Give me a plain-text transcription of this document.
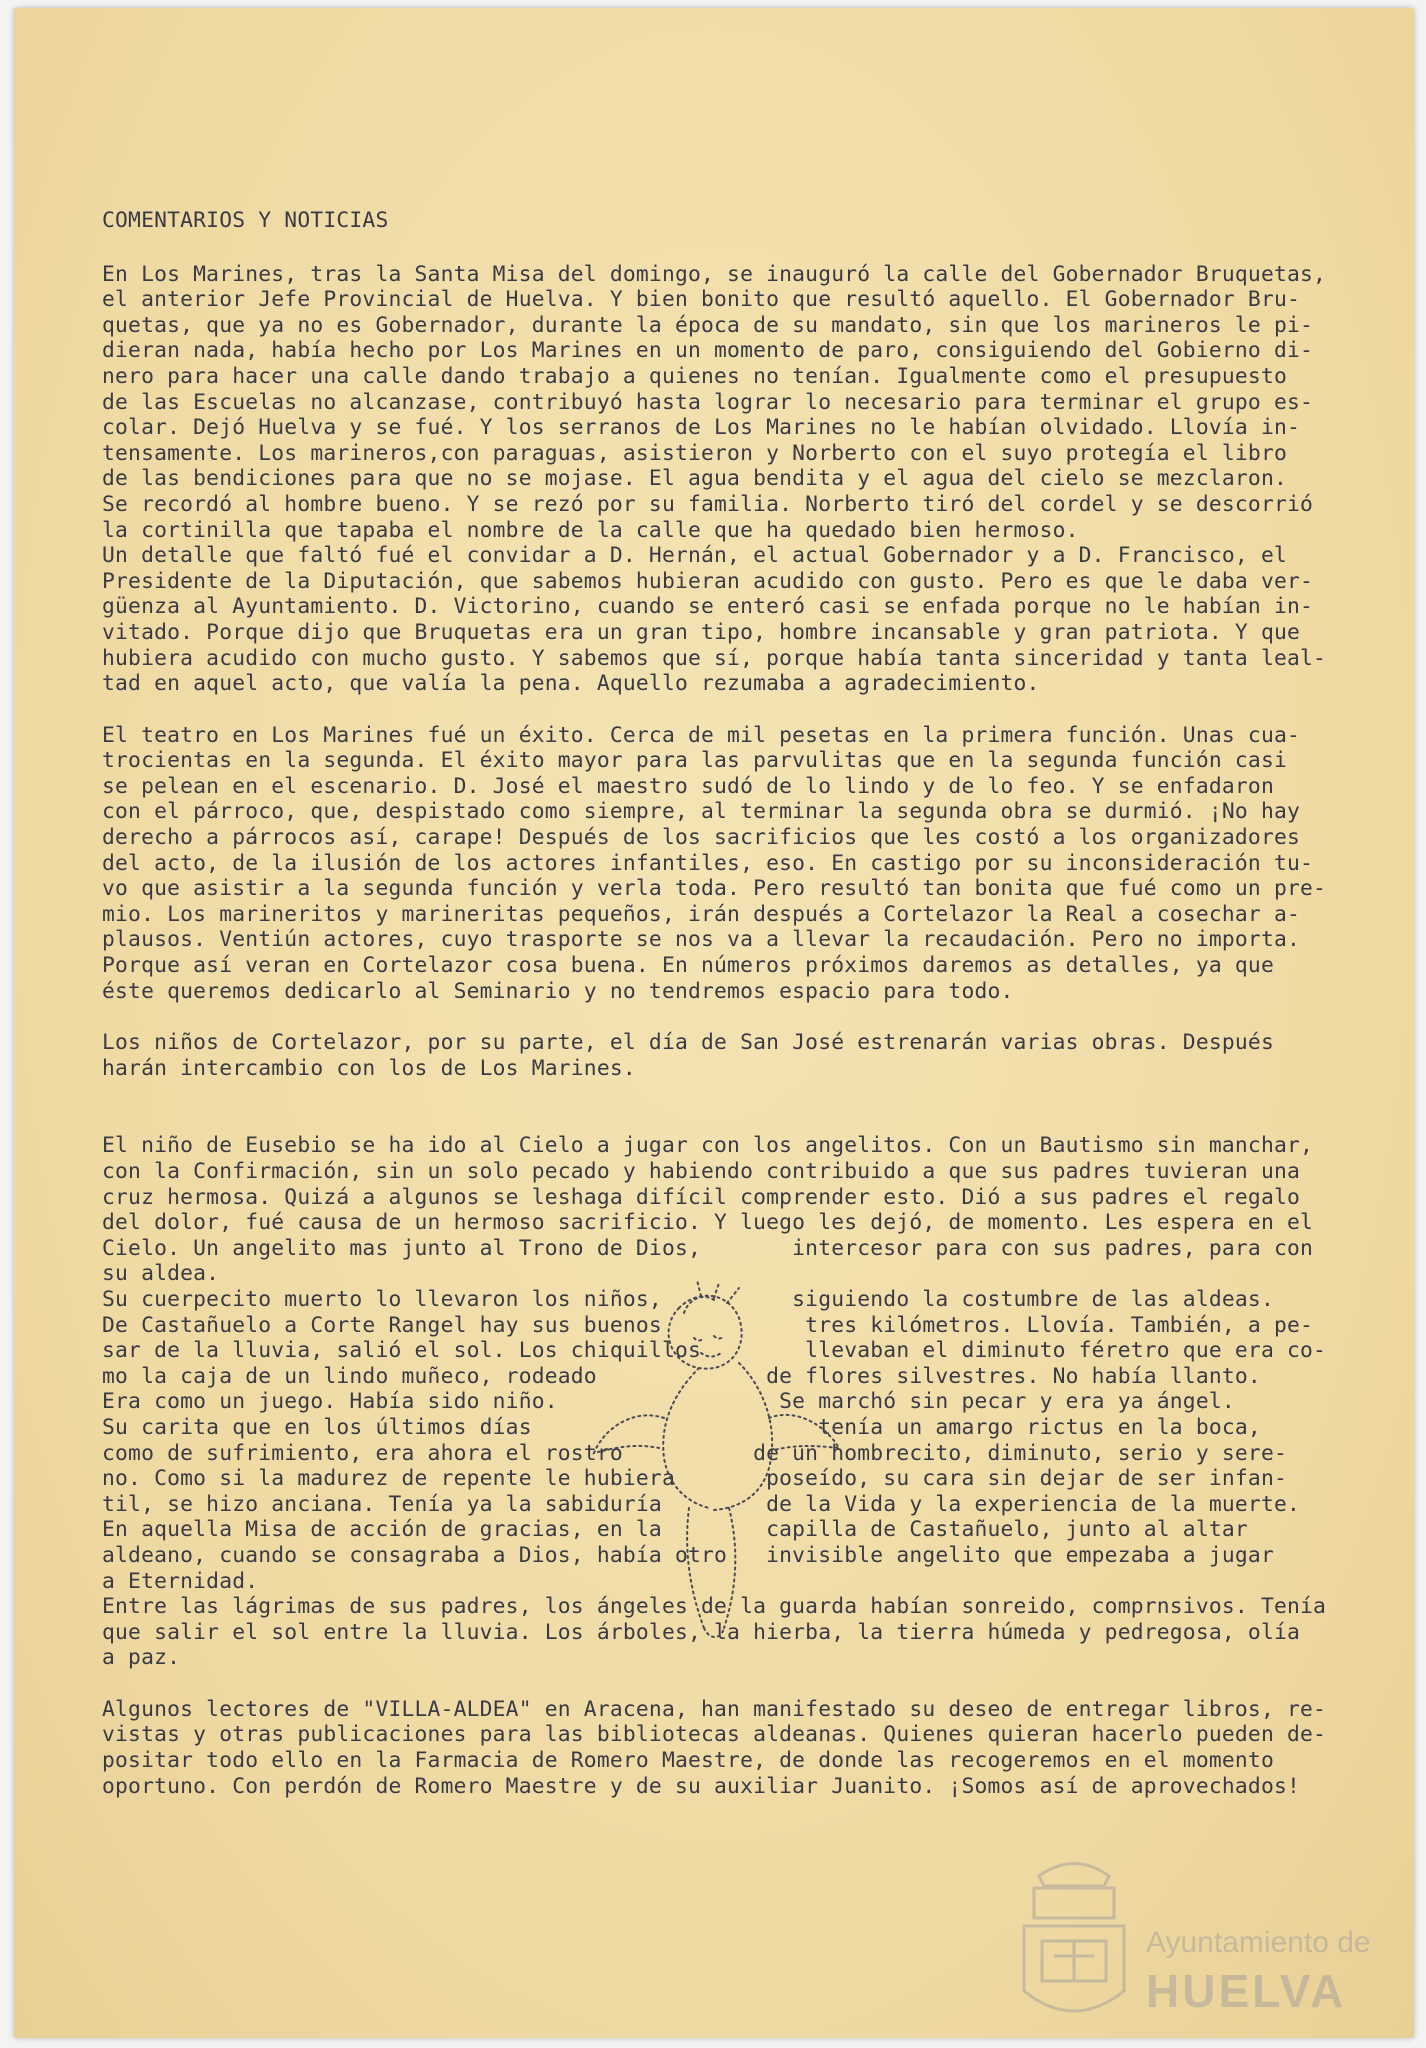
COMENTARIOS Y NOTICIAS
En Los Marines, tras la Santa Misa del domingo, se inauguró la calle del Gobernador Bruquetas,
el anterior Jefe Provincial de Huelva. Y bien bonito que resultó aquello. El Gobernador Bru-
quetas, que ya no es Gobernador, durante la época de su mandato, sin que los marineros le pi-
dieran nada, había hecho por Los Marines en un momento de paro, consiguiendo del Gobierno di-
nero para hacer una calle dando trabajo a quienes no tenían. Igualmente como el presupuesto
de las Escuelas no alcanzase, contribuyó hasta lograr lo necesario para terminar el grupo es-
colar. Dejó Huelva y se fué. Y los serranos de Los Marines no le habían olvidado. Llovía in-
tensamente. Los marineros,con paraguas, asistieron y Norberto con el suyo protegía el libro
de las bendiciones para que no se mojase. El agua bendita y el agua del cielo se mezclaron.
Se recordó al hombre bueno. Y se rezó por su familia. Norberto tiró del cordel y se descorrió
la cortinilla que tapaba el nombre de la calle que ha quedado bien hermoso.
Un detalle que faltó fué el convidar a D. Hernán, el actual Gobernador y a D. Francisco, el
Presidente de la Diputación, que sabemos hubieran acudido con gusto. Pero es que le daba ver-
güenza al Ayuntamiento. D. Victorino, cuando se enteró casi se enfada porque no le habían in-
vitado. Porque dijo que Bruquetas era un gran tipo, hombre incansable y gran patriota. Y que
hubiera acudido con mucho gusto. Y sabemos que sí, porque había tanta sinceridad y tanta leal-
tad en aquel acto, que valía la pena. Aquello rezumaba a agradecimiento.
El teatro en Los Marines fué un éxito. Cerca de mil pesetas en la primera función. Unas cua-
trocientas en la segunda. El éxito mayor para las parvulitas que en la segunda función casi
se pelean en el escenario. D. José el maestro sudó de lo lindo y de lo feo. Y se enfadaron
con el párroco, que, despistado como siempre, al terminar la segunda obra se durmió. ¡No hay
derecho a párrocos así, carape! Después de los sacrificios que les costó a los organizadores
del acto, de la ilusión de los actores infantiles, eso. En castigo por su inconsideración tu-
vo que asistir a la segunda función y verla toda. Pero resultó tan bonita que fué como un pre-
mio. Los marineritos y marineritas pequeños, irán después a Cortelazor la Real a cosechar a-
plausos. Ventiún actores, cuyo trasporte se nos va a llevar la recaudación. Pero no importa.
Porque así veran en Cortelazor cosa buena. En números próximos daremos as detalles, ya que
éste queremos dedicarlo al Seminario y no tendremos espacio para todo.
Los niños de Cortelazor, por su parte, el día de San José estrenarán varias obras. Después
harán intercambio con los de Los Marines.
El niño de Eusebio se ha ido al Cielo a jugar con los angelitos. Con un Bautismo sin manchar,
con la Confirmación, sin un solo pecado y habiendo contribuido a que sus padres tuvieran una
cruz hermosa. Quizá a algunos se leshaga difícil comprender esto. Dió a sus padres el regalo
del dolor, fué causa de un hermoso sacrificio. Y luego les dejó, de momento. Les espera en el
Cielo. Un angelito mas junto al Trono de Dios,       intercesor para con sus padres, para con
su aldea.
Su cuerpecito muerto lo llevaron los niños,          siguiendo la costumbre de las aldeas.
De Castañuelo a Corte Rangel hay sus buenos           tres kilómetros. Llovía. También, a pe-
sar de la lluvia, salió el sol. Los chiquillos        llevaban el diminuto féretro que era co-
mo la caja de un lindo muñeco, rodeado             de flores silvestres. No había llanto.
Era como un juego. Había sido niño.                 Se marchó sin pecar y era ya ángel.
Su carita que en los últimos días                      tenía un amargo rictus en la boca,
como de sufrimiento, era ahora el rostro          de un hombrecito, diminuto, serio y sere-
no. Como si la madurez de repente le hubiera       poseído, su cara sin dejar de ser infan-
til, se hizo anciana. Tenía ya la sabiduría        de la Vida y la experiencia de la muerte.
En aquella Misa de acción de gracias, en la        capilla de Castañuelo, junto al altar
aldeano, cuando se consagraba a Dios, había otro   invisible angelito que empezaba a jugar
a Eternidad.
Entre las lágrimas de sus padres, los ángeles de la guarda habían sonreido, comprnsivos. Tenía
que salir el sol entre la lluvia. Los árboles, la hierba, la tierra húmeda y pedregosa, olía
a paz.
Algunos lectores de "VILLA-ALDEA" en Aracena, han manifestado su deseo de entregar libros, re-
vistas y otras publicaciones para las bibliotecas aldeanas. Quienes quieran hacerlo pueden de-
positar todo ello en la Farmacia de Romero Maestre, de donde las recogeremos en el momento
oportuno. Con perdón de Romero Maestre y de su auxiliar Juanito. ¡Somos así de aprovechados!
Ayuntamiento de
HUELVA
